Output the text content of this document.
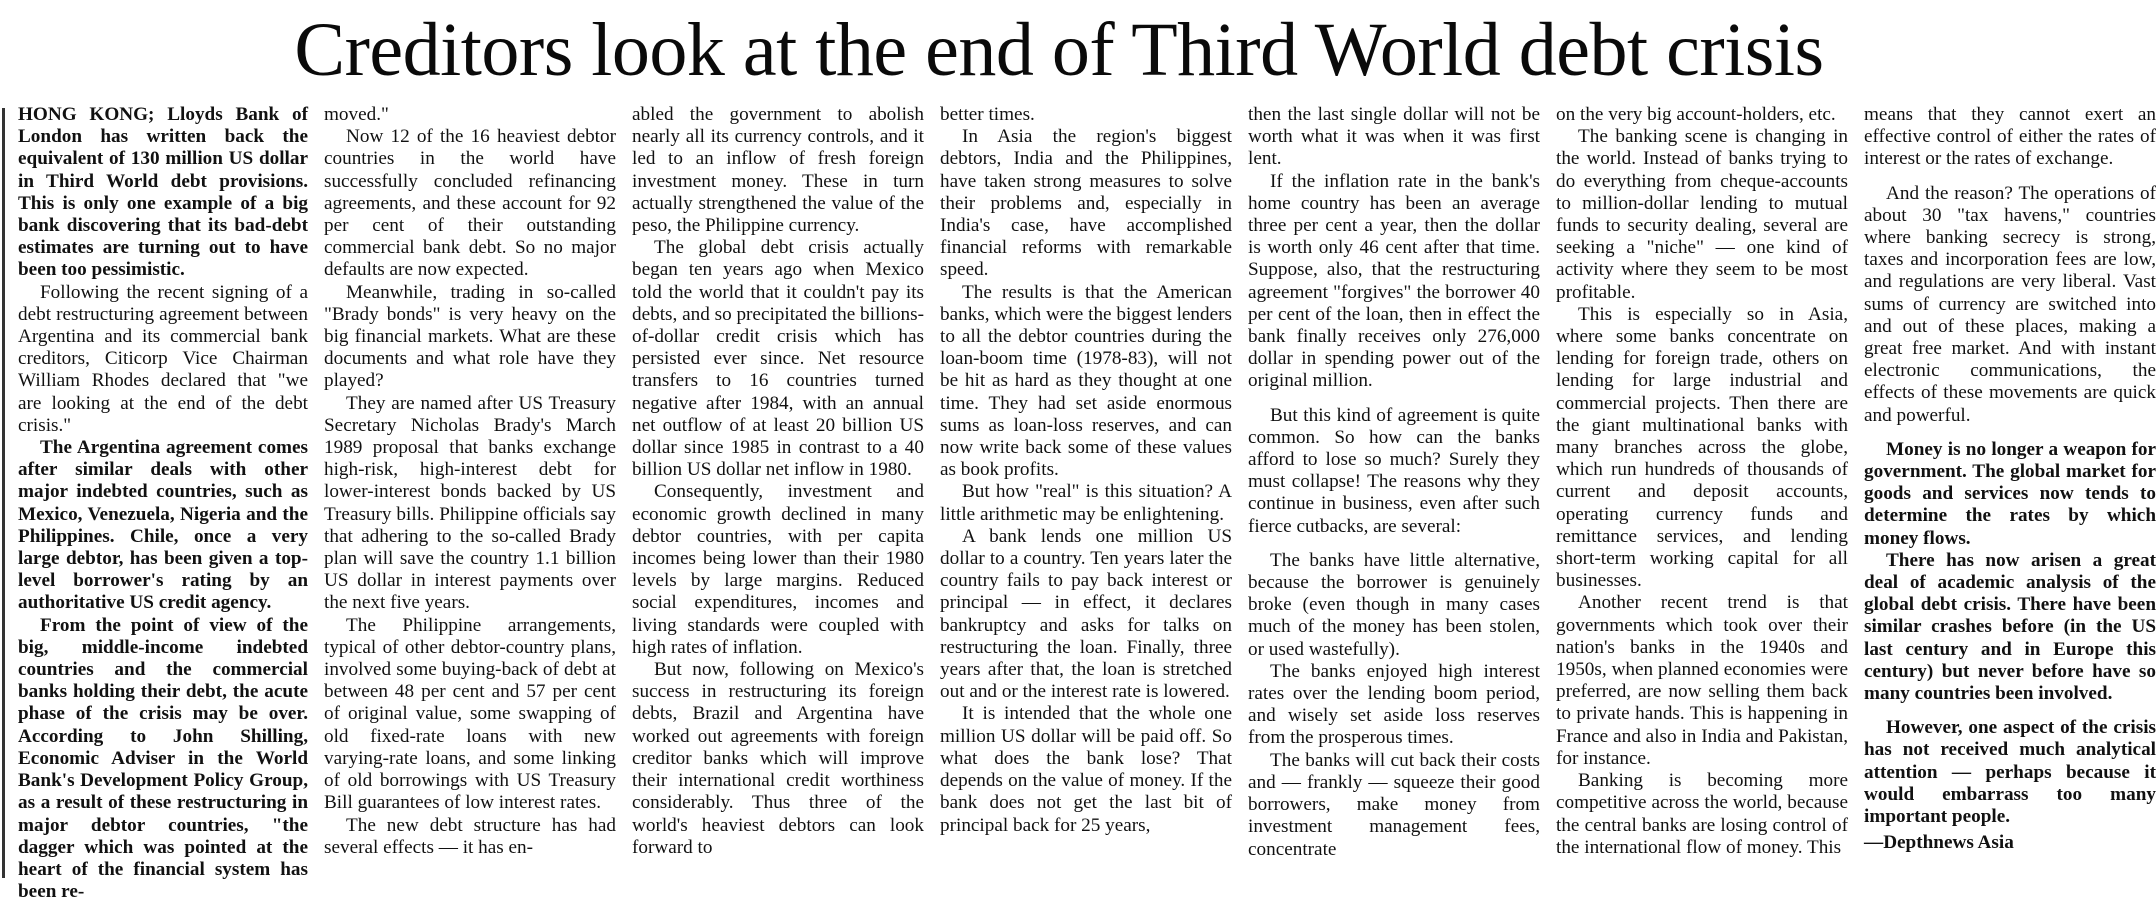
Creditors look at the end of Third World debt crisis

HONG KONG; Lloyds Bank of London has written back the equivalent of 130 million US dollar in Third World debt provisions. This is only one example of a big bank discovering that its bad-debt estimates are turning out to have been too pessimistic.

Following the recent signing of a debt restructuring agreement between Argentina and its commercial bank creditors, Citicorp Vice Chairman William Rhodes declared that "we are looking at the end of the debt crisis."

The Argentina agreement comes after similar deals with other major indebted countries, such as Mexico, Venezuela, Nigeria and the Philippines. Chile, once a very large debtor, has been given a top-level borrower's rating by an authoritative US credit agency.

From the point of view of the big, middle-income indebted countries and the commercial banks holding their debt, the acute phase of the crisis may be over. According to John Shilling, Economic Adviser in the World Bank's Development Policy Group, as a result of these restructuring in major debtor countries, "the dagger which was pointed at the heart of the financial system has been re-

moved."

Now 12 of the 16 heaviest debtor countries in the world have successfully concluded refinancing agreements, and these account for 92 per cent of their outstanding commercial bank debt. So no major defaults are now expected.

Meanwhile, trading in so-called "Brady bonds" is very heavy on the big financial markets. What are these documents and what role have they played?

They are named after US Treasury Secretary Nicholas Brady's March 1989 proposal that banks exchange high-risk, high-interest debt for lower-interest bonds backed by US Treasury bills. Philippine officials say that adhering to the so-called Brady plan will save the country 1.1 billion US dollar in interest payments over the next five years.

The Philippine arrangements, typical of other debtor-country plans, involved some buying-back of debt at between 48 per cent and 57 per cent of original value, some swapping of old fixed-rate loans with new varying-rate loans, and some linking of old borrowings with US Treasury Bill guarantees of low interest rates.

The new debt structure has had several effects — it has en-

abled the government to abolish nearly all its currency controls, and it led to an inflow of fresh foreign investment money. These in turn actually strengthened the value of the peso, the Philippine currency.

The global debt crisis actually began ten years ago when Mexico told the world that it couldn't pay its debts, and so precipitated the billions-of-dollar credit crisis which has persisted ever since. Net resource transfers to 16 countries turned negative after 1984, with an annual net outflow of at least 20 billion US dollar since 1985 in contrast to a 40 billion US dollar net inflow in 1980.

Consequently, investment and economic growth declined in many debtor countries, with per capita incomes being lower than their 1980 levels by large margins. Reduced social expenditures, incomes and living standards were coupled with high rates of inflation.

But now, following on Mexico's success in restructuring its foreign debts, Brazil and Argentina have worked out agreements with foreign creditor banks which will improve their international credit worthiness considerably. Thus three of the world's heaviest debtors can look forward to

better times.

In Asia the region's biggest debtors, India and the Philippines, have taken strong measures to solve their problems and, especially in India's case, have accomplished financial reforms with remarkable speed.

The results is that the American banks, which were the biggest lenders to all the debtor countries during the loan-boom time (1978-83), will not be hit as hard as they thought at one time. They had set aside enormous sums as loan-loss reserves, and can now write back some of these values as book profits.

But how "real" is this situation? A little arithmetic may be enlightening.

A bank lends one million US dollar to a country. Ten years later the country fails to pay back interest or principal — in effect, it declares bankruptcy and asks for talks on restructuring the loan. Finally, three years after that, the loan is stretched out and or the interest rate is lowered.

It is intended that the whole one million US dollar will be paid off. So what does the bank lose? That depends on the value of money. If the bank does not get the last bit of principal back for 25 years,

then the last single dollar will not be worth what it was when it was first lent.

If the inflation rate in the bank's home country has been an average three per cent a year, then the dollar is worth only 46 cent after that time. Suppose, also, that the restructuring agreement "forgives" the borrower 40 per cent of the loan, then in effect the bank finally receives only 276,000 dollar in spending power out of the original million.

But this kind of agreement is quite common. So how can the banks afford to lose so much? Surely they must collapse! The reasons why they continue in business, even after such fierce cutbacks, are several:

The banks have little alternative, because the borrower is genuinely broke (even though in many cases much of the money has been stolen, or used wastefully).

The banks enjoyed high interest rates over the lending boom period, and wisely set aside loss reserves from the prosperous times.

The banks will cut back their costs and — frankly — squeeze their good borrowers, make money from investment management fees, concentrate

on the very big account-holders, etc.

The banking scene is changing in the world. Instead of banks trying to do everything from cheque-accounts to million-dollar lending to mutual funds to security dealing, several are seeking a "niche" — one kind of activity where they seem to be most profitable.

This is especially so in Asia, where some banks concentrate on lending for foreign trade, others on lending for large industrial and commercial projects. Then there are the giant multinational banks with many branches across the globe, which run hundreds of thousands of current and deposit accounts, operating currency funds and remittance services, and lending short-term working capital for all businesses.

Another recent trend is that governments which took over their nation's banks in the 1940s and 1950s, when planned economies were preferred, are now selling them back to private hands. This is happening in France and also in India and Pakistan, for instance.

Banking is becoming more competitive across the world, because the central banks are losing control of the international flow of money. This

means that they cannot exert an effective control of either the rates of interest or the rates of exchange.

And the reason? The operations of about 30 "tax havens," countries where banking secrecy is strong, taxes and incorporation fees are low, and regulations are very liberal. Vast sums of currency are switched into and out of these places, making a great free market. And with instant electronic communications, the effects of these movements are quick and powerful.

Money is no longer a weapon for government. The global market for goods and services now tends to determine the rates by which money flows.

There has now arisen a great deal of academic analysis of the global debt crisis. There have been similar crashes before (in the US last century and in Europe this century) but never before have so many countries been involved.

However, one aspect of the crisis has not received much analytical attention — perhaps because it would embarrass too many important people.

—Depthnews Asia
